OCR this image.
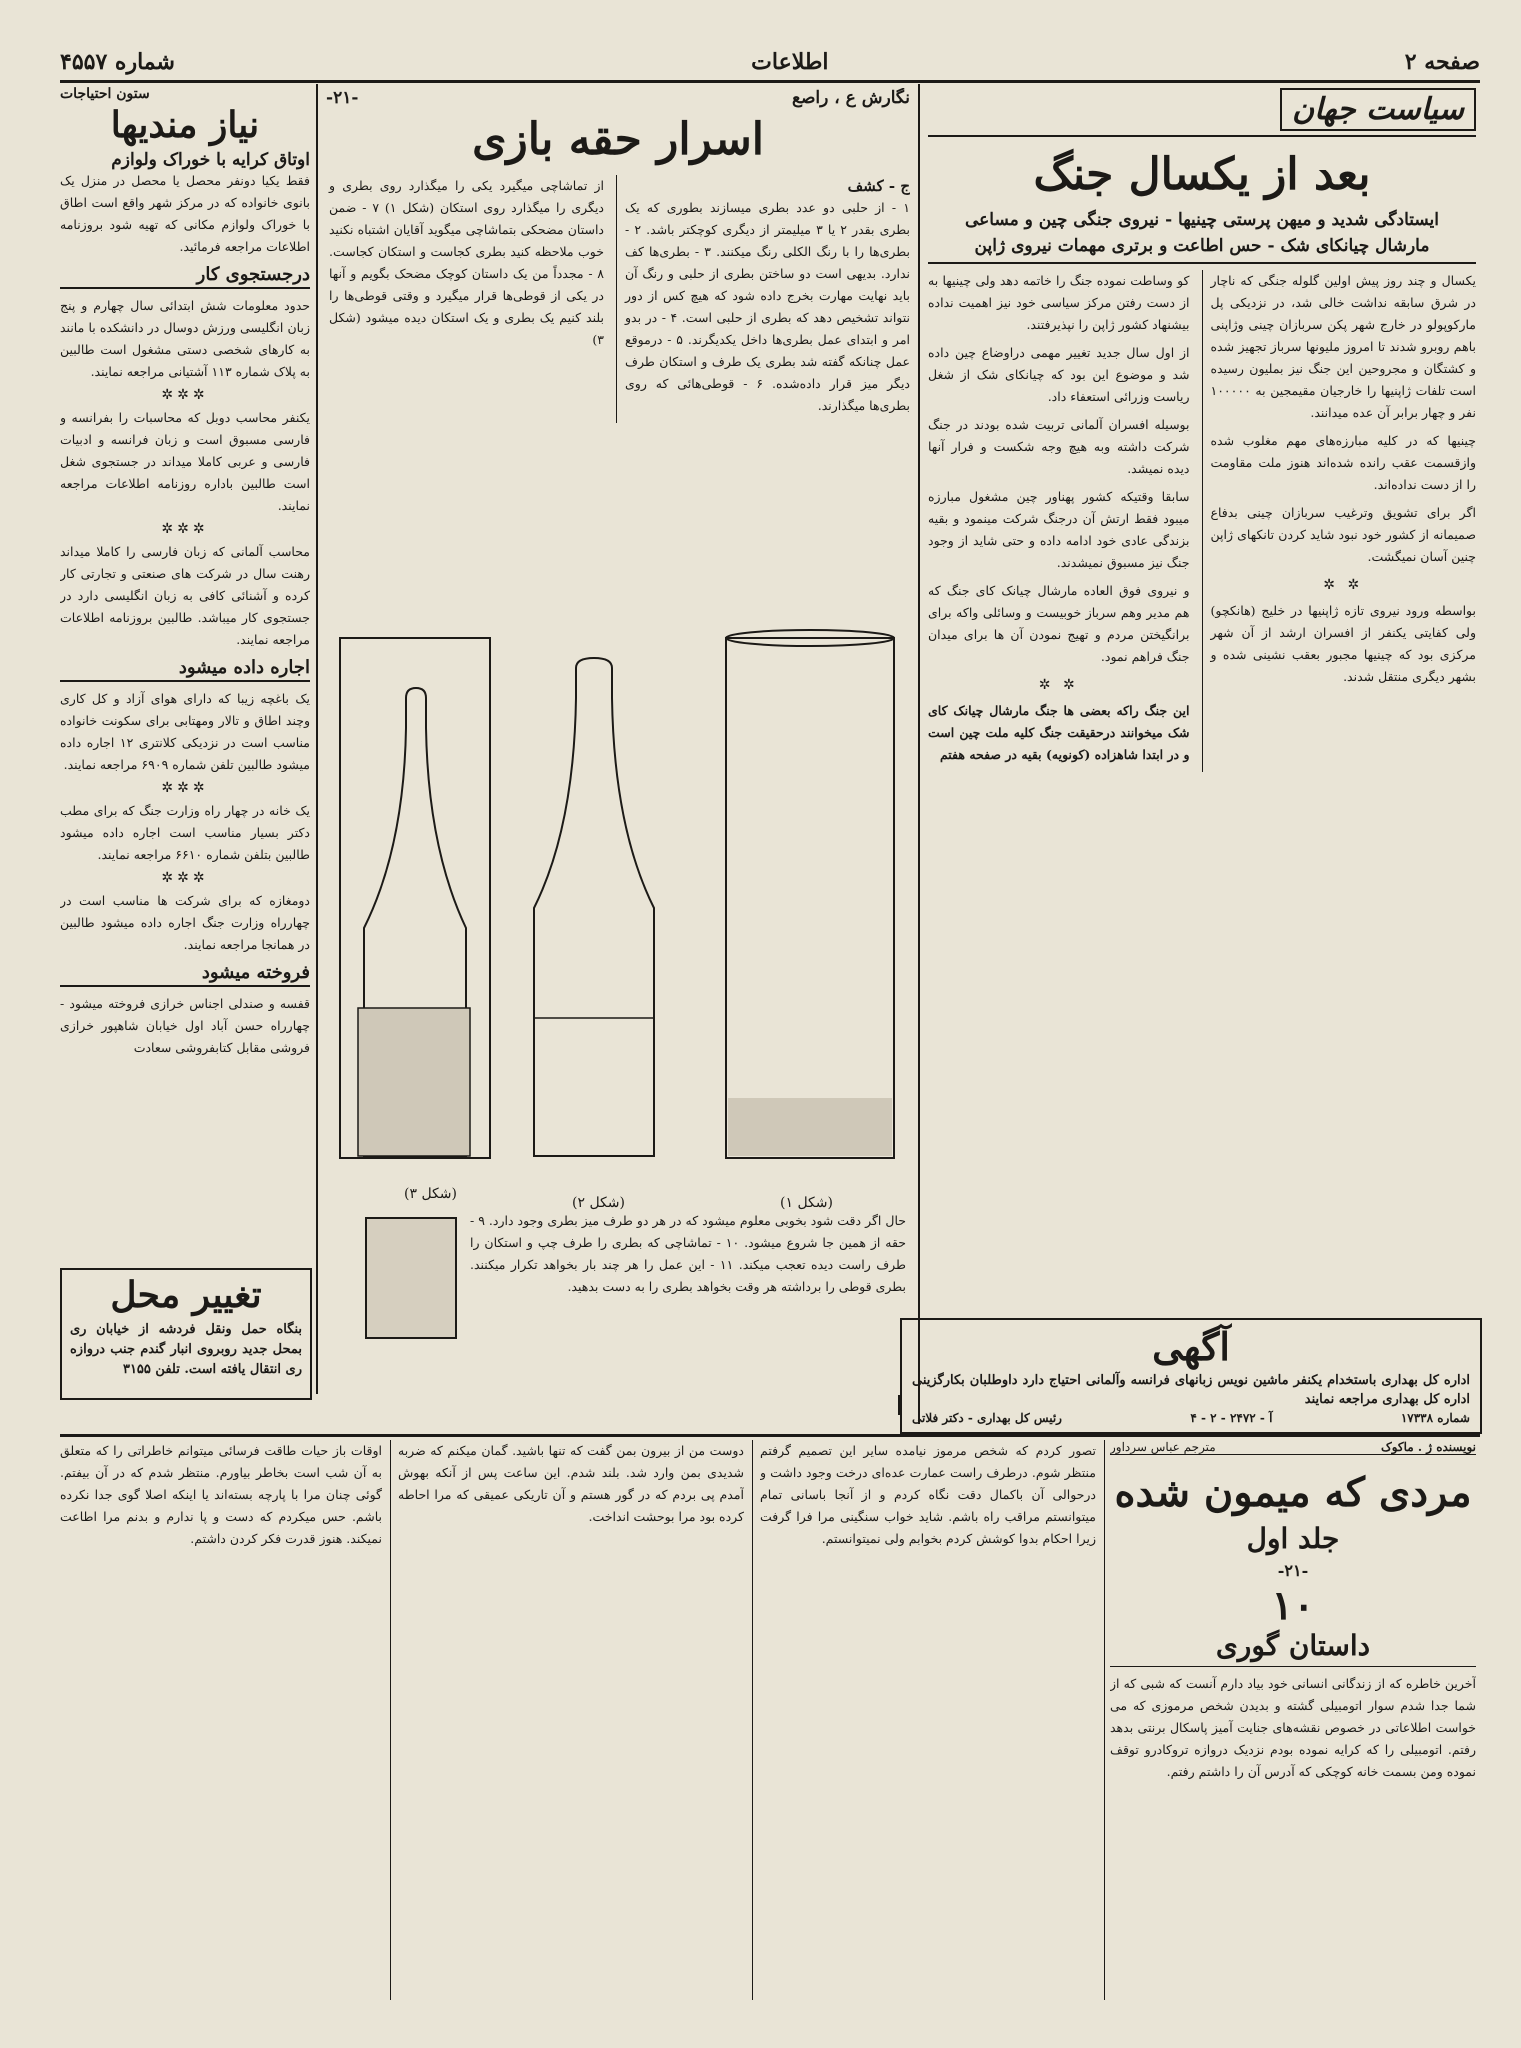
شماره ۴۵۵۷	اطلاعات	صفحه ۲
سیاست جهان
بعد از یکسال جنگ
ایستادگی شدید و میهن پرستی چینیها - نیروی جنگی چین و مساعی
مارشال چیانکای شک - حس اطاعت و برتری مهمات نیروی ژاپن

یکسال و چند روز پیش اولین گلوله جنگی که ناچار در شرق سابقه نداشت خالی شد، در نزدیکی پل مارکوپولو در خارج شهر پکن سربازان چینی وژاپنی باهم روبرو شدند تا امروز ملیونها سرباز تجهیز شده و کشتگان و مجروحین این جنگ نیز بملیون رسیده است تلفات ژاپنیها را خارجیان مقیمجین به ۱۰۰۰۰۰ نفر و چهار برابر آن عده میدانند.

چینیها که در کلیه مبارزه‌های مهم مغلوب شده وازقسمت عقب رانده شده‌اند هنوز ملت مقاومت را از دست نداده‌اند.

اگر برای تشویق وترغیب سربازان چینی بدفاع صمیمانه از کشور خود نبود شاید کردن تانکهای ژاپن چنین آسان نمیگشت.

✲ ✲

بواسطه ورود نیروی تازه ژاپنیها در خلیج (هانکچو) ولی کفایتی یکنفر از افسران ارشد از آن شهر مرکزی بود که چینیها مجبور بعقب نشینی شده و بشهر دیگری منتقل شدند.

کو وساطت نموده جنگ را خاتمه دهد ولی چینیها به از دست رفتن مرکز سیاسی خود نیز اهمیت نداده بیشنهاد کشور ژاپن را نپذیرفتند.

از اول سال جدید تغییر مهمی دراوضاع چین داده شد و موضوع این بود که چیانکای شک از شغل ریاست وزرائی استعفاء داد.

بوسیله افسران آلمانی تربیت شده بودند در جنگ شرکت داشته وبه هیچ وجه شکست و فرار آنها دیده نمیشد.

سابقا وقتیکه کشور پهناور چین مشغول مبارزه میبود فقط ارتش آن درجنگ شرکت مینمود و بقیه بزندگی عادی خود ادامه داده و حتی شاید از وجود جنگ نیز مسبوق نمیشدند.

و نیروی فوق العاده مارشال چیانک کای جنگ که هم مدیر وهم سرباز خوبیست و وسائلی واکه برای برانگیختن مردم و تهیج نمودن آن ها برای میدان جنگ فراهم نمود.

✲ ✲

این جنگ راکه بعضی ها جنگ مارشال چیانک کای شک میخوانند درحقیقت جنگ کلیه ملت چین است و در ابتدا شاهزاده (کونویه) بقیه در صفحه هفتم

نگارش ع ، راصع
-۲۱-
اسرار حقه بازی
ج - کشف

۱ - از حلبی دو عدد بطری میسازند بطوری که یک بطری بقدر ۲ یا ۳ میلیمتر از دیگری کوچکتر باشد. ۲ - بطری‌ها را با رنگ الکلی رنگ میکنند. ۳ - بطری‌ها کف ندارد. بدیهی است دو ساختن بطری از حلبی و رنگ آن باید نهایت مهارت بخرج داده شود که هیچ کس از دور نتواند تشخیص دهد که بطری از حلبی است. ۴ - در بدو امر و ابتدای عمل بطری‌ها داخل یکدیگرند. ۵ - درموقع عمل چنانکه گفته شد بطری یک طرف و استکان طرف دیگر میز قرار داده‌شده. ۶ - قوطی‌هائی که روی بطری‌ها میگذارند.

از تماشاچی میگیرد یکی را میگذارد روی بطری و دیگری را میگذارد روی استکان (شکل ۱) ۷ - ضمن داستان مضحکی بتماشاچی میگوید آقایان اشتباه نکنید خوب ملاحظه کنید بطری کجاست و استکان کجاست. ۸ - مجدداً من یک داستان کوچک مضحک بگویم و آنها در یکی از قوطی‌ها قرار میگیرد و وقتی قوطی‌ها را بلند کنیم یک بطری و یک استکان دیده میشود (شکل ۳)

(شکل ۱)
(شکل ۲)
(شکل ۳)
حال اگر دقت شود بخوبی معلوم میشود که در هر دو طرف میز بطری وجود دارد. ۹ - حقه از همین جا شروع میشود. ۱۰ - تماشاچی که بطری را طرف چپ و استکان را طرف راست دیده تعجب میکند. ۱۱ - این عمل را هر چند بار بخواهد تکرار میکنند. بطری قوطی را برداشته هر وقت بخواهد بطری را به دست بدهید.
ستون احتیاجات
نیاز مندیها
اوتاق کرایه با خوراک ولوازم
فقط یکیا دونفر محصل یا محصل در منزل یک بانوی خانواده که در مرکز شهر واقع است اطاق با خوراک ولوازم مکانی که تهیه شود بروزنامه اطلاعات مراجعه فرمائید.
درجستجوی کار
حدود معلومات شش ابتدائی سال چهارم و پنج زبان انگلیسی ورزش دوسال در دانشکده با مانند به کارهای شخصی دستی مشغول است طالبین به پلاک شماره ۱۱۳ آشتیانی مراجعه نمایند.
✲✲✲
یکنفر محاسب دوبل که محاسبات را بفرانسه و فارسی مسبوق است و زبان فرانسه و ادبیات فارسی و عربی کاملا میداند در جستجوی شغل است طالبین باداره روزنامه اطلاعات مراجعه نمایند.
✲✲✲
محاسب آلمانی که زبان فارسی را کاملا میداند رهنت سال در شرکت های صنعتی و تجارتی کار کرده و آشنائی کافی به زبان انگلیسی دارد در جستجوی کار میباشد. طالبین بروزنامه اطلاعات مراجعه نمایند.
اجاره داده میشود
یک باغچه زیبا که دارای هوای آزاد و کل کاری وچند اطاق و تالار ومهتابی برای سکونت خانواده مناسب است در نزدیکی کلانتری ۱۲ اجاره داده میشود طالبین تلفن شماره ۶۹۰۹ مراجعه نمایند.
✲✲✲
یک خانه در چهار راه وزارت جنگ که برای مطب دکتر بسیار مناسب است اجاره داده میشود طالبین بتلفن شماره ۶۶۱۰ مراجعه نمایند.
✲✲✲
دومغازه که برای شرکت ها مناسب است در چهارراه وزارت جنگ اجاره داده میشود طالبین در همانجا مراجعه نمایند.
فروخته میشود
قفسه و صندلی اجناس خرازی فروخته میشود - چهارراه حسن آباد اول خیابان شاهپور خرازی فروشی مقابل کتابفروشی سعادت
تغییر محل
بنگاه حمل ونقل فردشه از خیابان ری بمحل جدید روبروی انبار گندم جنب دروازه ری انتقال یافته است. تلفن ۳۱۵۵
آگهی
اداره کل بهداری باستخدام یکنفر ماشین نویس زبانهای فرانسه وآلمانی احتیاج دارد داوطلبان بکارگزینی اداره کل بهداری مراجعه نمایند
شماره ۱۷۳۳۸
آ - ۲۴۷۲ - ۲ - ۴
رئیس کل بهداری - دکتر فلاتی
نویسنده ژ . ماکوک
مترجم عباس سرداور
مردی که میمون شده
جلد اول
-۲۱-
۱۰
داستان گوری
آخرین خاطره که از زندگانی انسانی خود بیاد دارم آنست که شبی که از شما جدا شدم سوار اتومبیلی گشته و بدیدن شخص مرموزی که می خواست اطلاعاتی در خصوص نقشه‌های جنایت آمیز پاسکال برنتی بدهد رفتم. اتومبیلی را که کرایه نموده بودم نزدیک دروازه تروکادرو توقف نموده ومن بسمت خانه کوچکی که آدرس آن را داشتم رفتم.
تصور کردم که شخص مرموز نیامده سایر این تصمیم گرفتم منتظر شوم. درطرف راست عمارت عده‌ای درخت وجود داشت و درحوالی آن باکمال دقت نگاه کردم و از آنجا باسانی تمام میتوانستم مراقب راه باشم. شاید خواب سنگینی مرا فرا گرفت زیرا احکام بدوا کوشش کردم بخوابم ولی نمیتوانستم.
دوست من از بیرون بمن گفت که تنها باشید. گمان میکنم که ضربه شدیدی بمن وارد شد. بلند شدم. این ساعت پس از آنکه بهوش آمدم پی بردم که در گور هستم و آن تاریکی عمیقی که مرا احاطه کرده بود مرا بوحشت انداخت.
اوقات باز حیات طاقت فرسائی میتوانم خاطراتی را که متعلق به آن شب است بخاطر بیاورم. منتظر شدم که در آن بیفتم. گوئی چنان مرا با پارچه بسته‌اند یا اینکه اصلا گوی جدا نکرده باشم. حس میکردم که دست و پا ندارم و بدنم مرا اطاعت نمیکند. هنوز قدرت فکر کردن داشتم.
